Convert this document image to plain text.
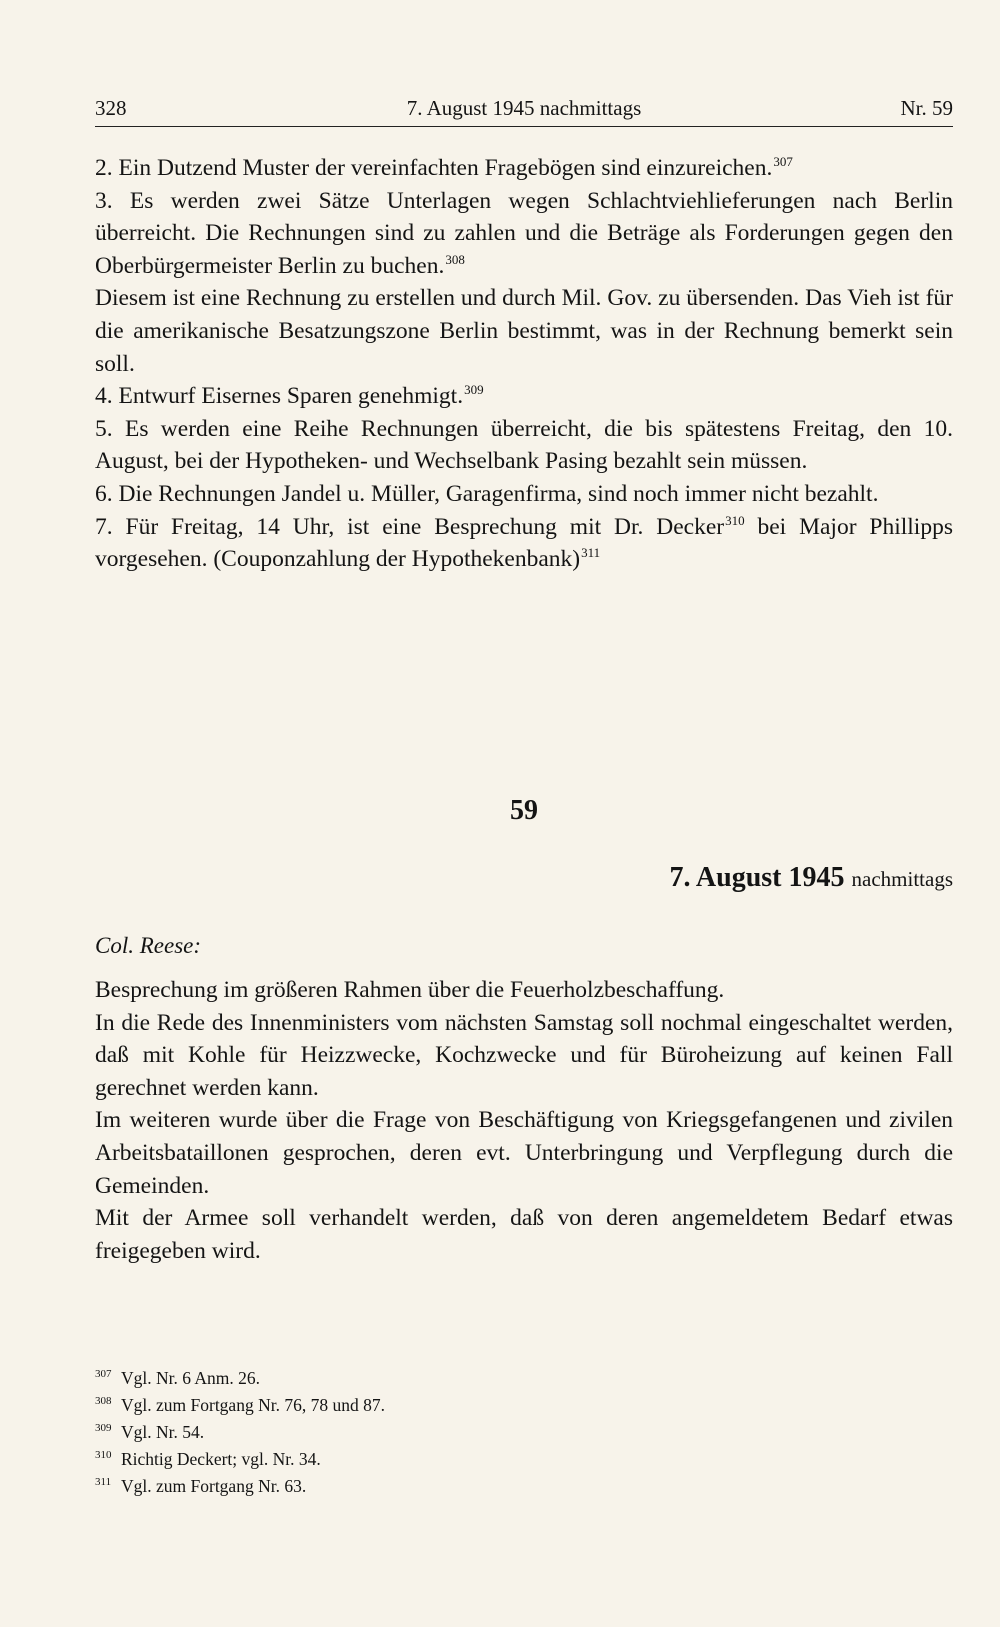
328	7. August 1945 nachmittags	Nr. 59

2. Ein Dutzend Muster der vereinfachten Fragebögen sind einzureichen.$^{307}$

3. Es werden zwei Sätze Unterlagen wegen Schlachtviehlieferungen nach Berlin überreicht. Die Rechnungen sind zu zahlen und die Beträge als Forderungen gegen den Oberbürgermeister Berlin zu buchen.$^{308}$

Diesem ist eine Rechnung zu erstellen und durch Mil. Gov. zu übersenden. Das Vieh ist für die amerikanische Besatzungszone Berlin bestimmt, was in der Rechnung bemerkt sein soll.

4. Entwurf Eisernes Sparen genehmigt.$^{309}$

5. Es werden eine Reihe Rechnungen überreicht, die bis spätestens Freitag, den 10. August, bei der Hypotheken- und Wechselbank Pasing bezahlt sein müssen.

6. Die Rechnungen Jandel u. Müller, Garagenfirma, sind noch immer nicht bezahlt.

7. Für Freitag, 14 Uhr, ist eine Besprechung mit Dr. Decker$^{310}$ bei Major Phillipps vorgesehen. (Couponzahlung der Hypothekenbank)$^{311}$

59
7. August 1945 nachmittags
Col. Reese:

Besprechung im größeren Rahmen über die Feuerholzbeschaffung.

In die Rede des Innenministers vom nächsten Samstag soll nochmal eingeschaltet werden, daß mit Kohle für Heizzwecke, Kochzwecke und für Büroheizung auf keinen Fall gerechnet werden kann.

Im weiteren wurde über die Frage von Beschäftigung von Kriegsgefangenen und zivilen Arbeitsbataillonen gesprochen, deren evt. Unterbringung und Verpflegung durch die Gemeinden.

Mit der Armee soll verhandelt werden, daß von deren angemeldetem Bedarf etwas freigegeben wird.

307 Vgl. Nr. 6 Anm. 26.
308 Vgl. zum Fortgang Nr. 76, 78 und 87.
309 Vgl. Nr. 54.
310 Richtig Deckert; vgl. Nr. 34.
311 Vgl. zum Fortgang Nr. 63.
